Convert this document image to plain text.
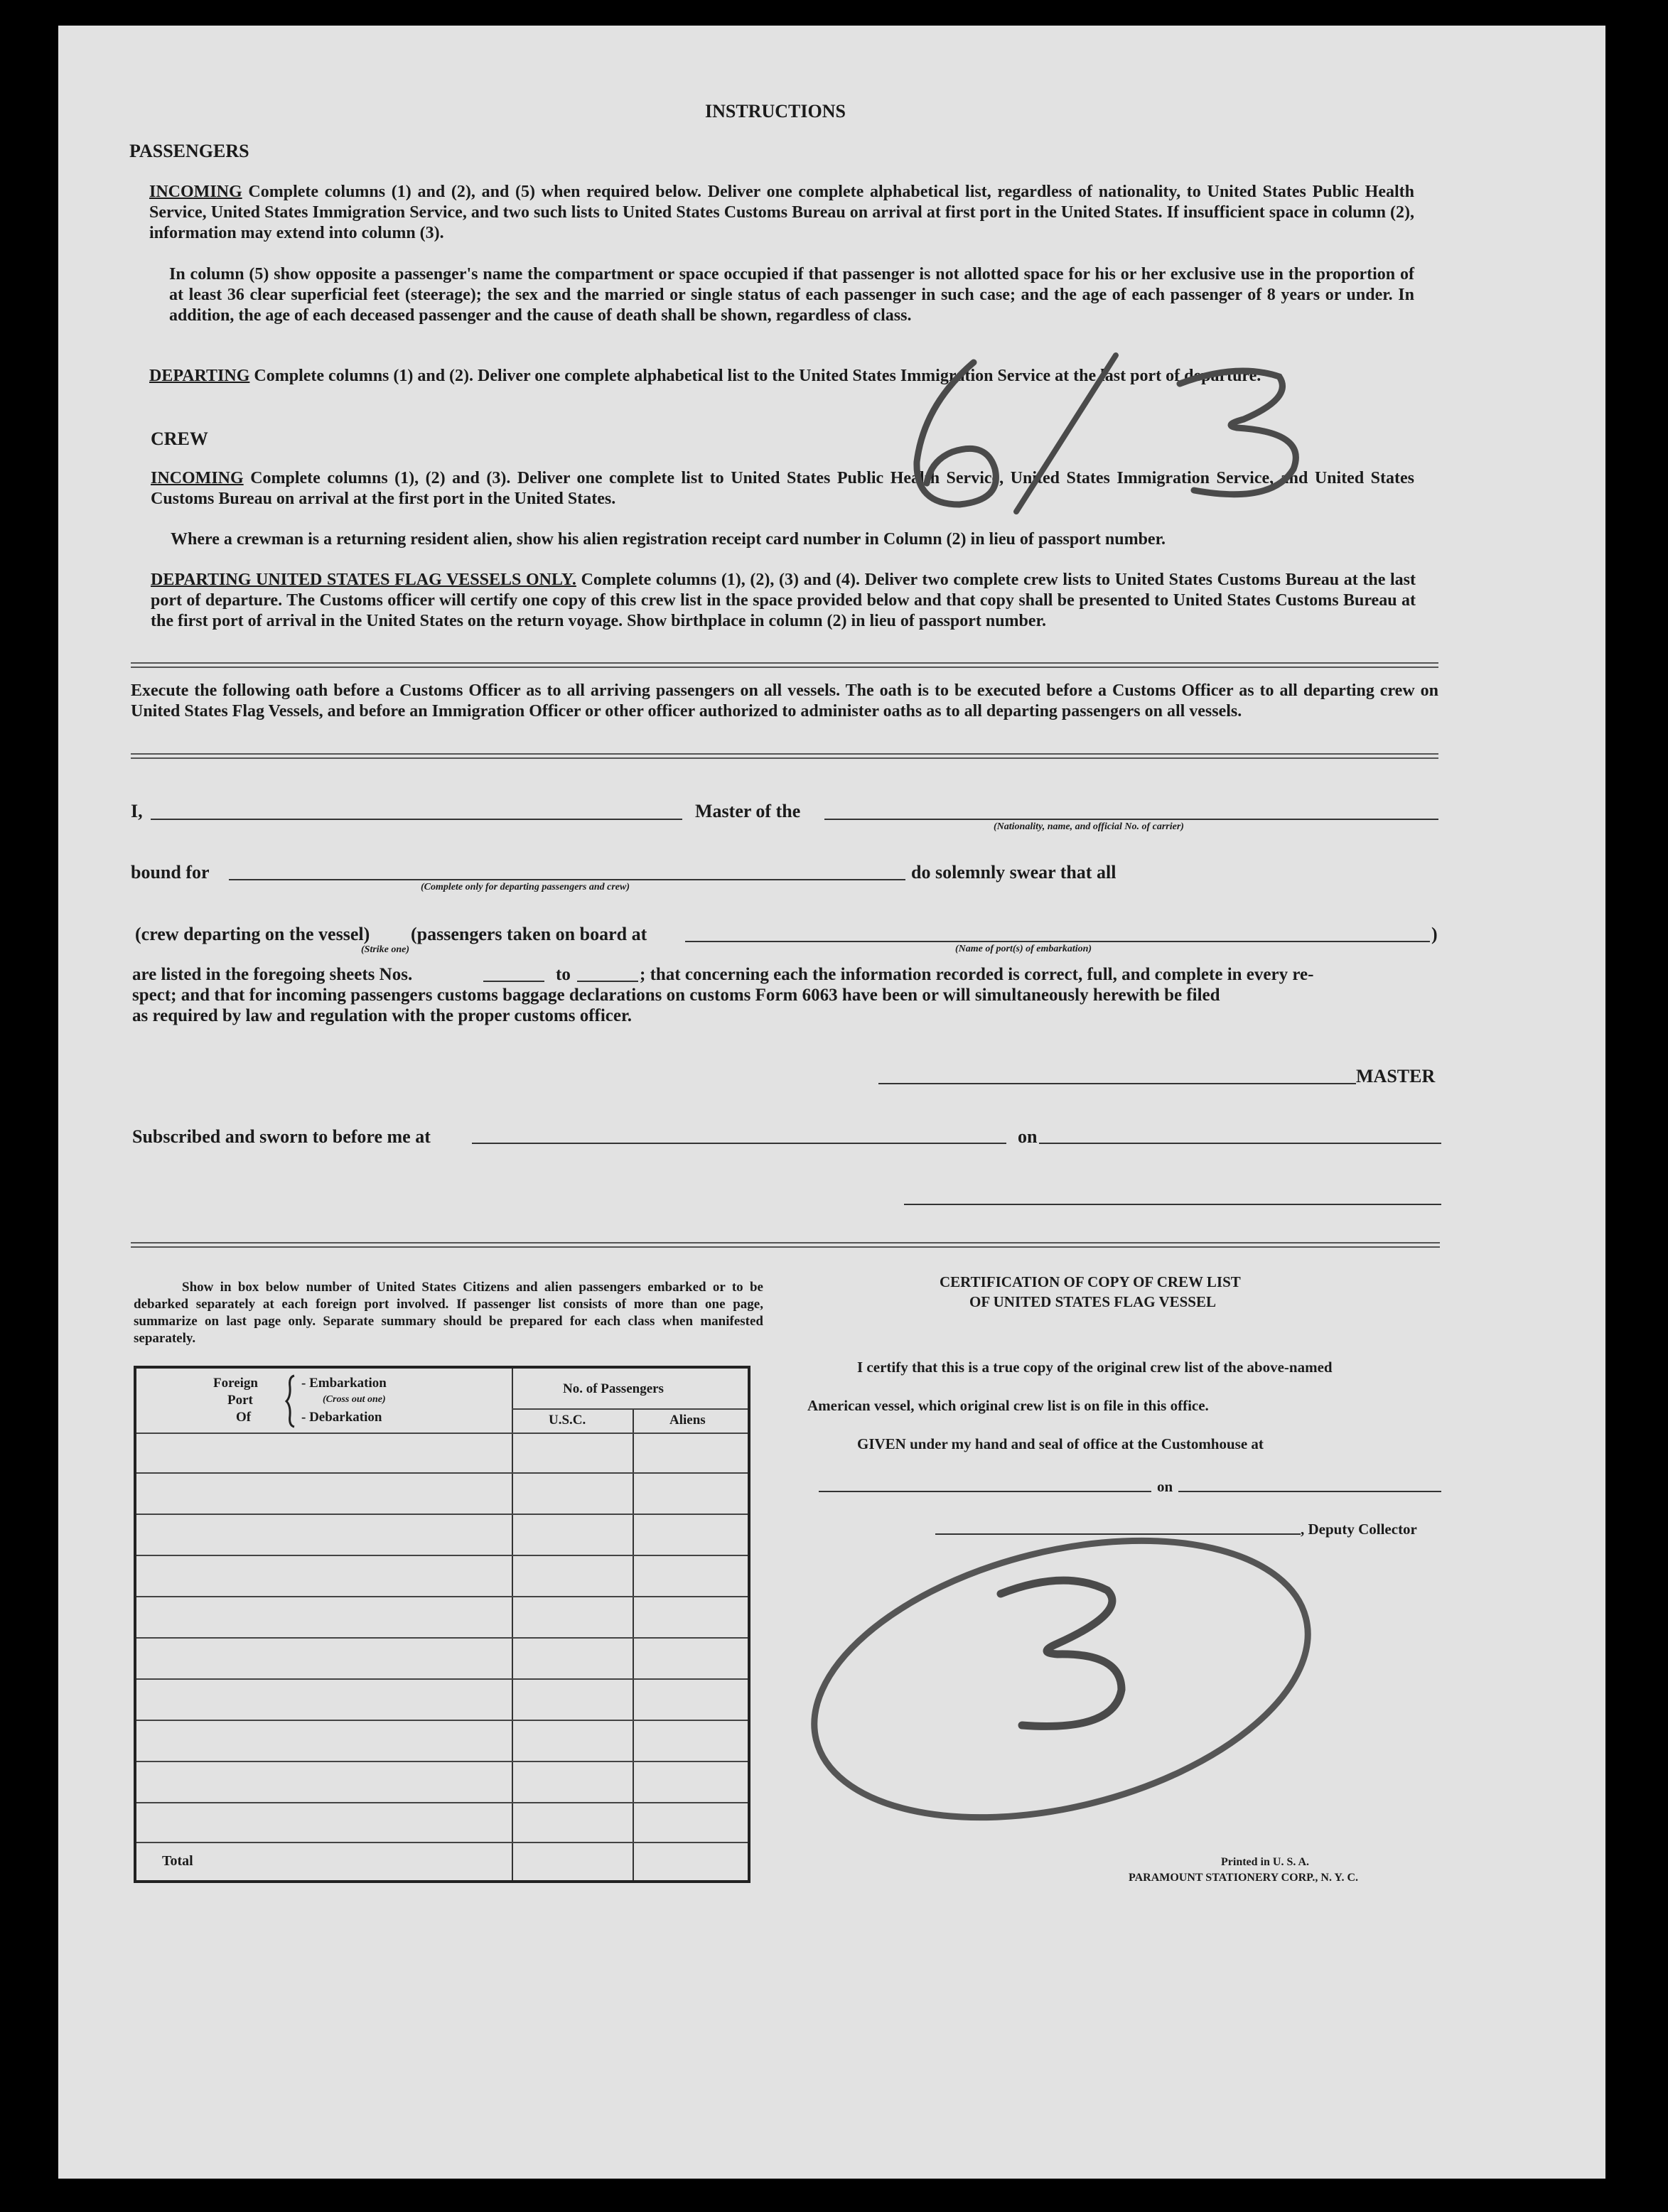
INSTRUCTIONS
PASSENGERS
INCOMING Complete columns (1) and (2), and (5) when required below. Deliver one complete alphabetical list, regardless of nationality, to United States Public Health Service, United States Immigration Service, and two such lists to United States Customs Bureau on arrival at first port in the United States. If insufficient space in column (2), information may extend into column (3).
In column (5) show opposite a passenger's name the compartment or space occupied if that passenger is not allotted space for his or her exclusive use in the proportion of at least 36 clear superficial feet (steerage); the sex and the married or single status of each passenger in such case; and the age of each passenger of 8 years or under. In addition, the age of each deceased passenger and the cause of death shall be shown, regardless of class.
DEPARTING Complete columns (1) and (2). Deliver one complete alphabetical list to the United States Immigration Service at the last port of departure.
CREW
INCOMING Complete columns (1), (2) and (3). Deliver one complete list to United States Public Health Service, United States Immigration Service, and United States Customs Bureau on arrival at the first port in the United States.
Where a crewman is a returning resident alien, show his alien registration receipt card number in Column (2) in lieu of passport number.
DEPARTING UNITED STATES FLAG VESSELS ONLY. Complete columns (1), (2), (3) and (4). Deliver two complete crew lists to United States Customs Bureau at the last port of departure. The Customs officer will certify one copy of this crew list in the space provided below and that copy shall be presented to United States Customs Bureau at the first port of arrival in the United States on the return voyage. Show birthplace in column (2) in lieu of passport number.
Execute the following oath before a Customs Officer as to all arriving passengers on all vessels. The oath is to be executed before a Customs Officer as to all departing crew on United States Flag Vessels, and before an Immigration Officer or other officer authorized to administer oaths as to all departing passengers on all vessels.
I,	Master of the
(Nationality, name, and official No. of carrier)
bound for
(Complete only for departing passengers and crew)
do solemnly swear that all
(crew departing on the vessel)
(Strike one)
(passengers taken on board at	)
(Name of port(s) of embarkation)
are listed in the foregoing sheets Nos.	to	; that concerning each the information recorded is correct, full, and complete in every re-
spect; and that for incoming passengers customs baggage declarations on customs Form 6063 have been or will simultaneously herewith be filed
as required by law and regulation with the proper customs officer.
MASTER
Subscribed and sworn to before me at	on
Show in box below number of United States Citizens and alien passengers embarked or to be debarked separately at each foreign port involved. If passenger list consists of more than one page, summarize on last page only. Separate summary should be prepared for each class when manifested separately.
Foreign
Port
Of
- Embarkation
(Cross out one)
- Debarkation
No. of Passengers
U.S.C.	Aliens
Total
CERTIFICATION OF COPY OF CREW LIST
OF UNITED STATES FLAG VESSEL
I certify that this is a true copy of the original crew list of the above-named
American vessel, which original crew list is on file in this office.
GIVEN under my hand and seal of office at the Customhouse at
on
, Deputy Collector
Printed in U. S. A.
PARAMOUNT STATIONERY CORP., N. Y. C.
